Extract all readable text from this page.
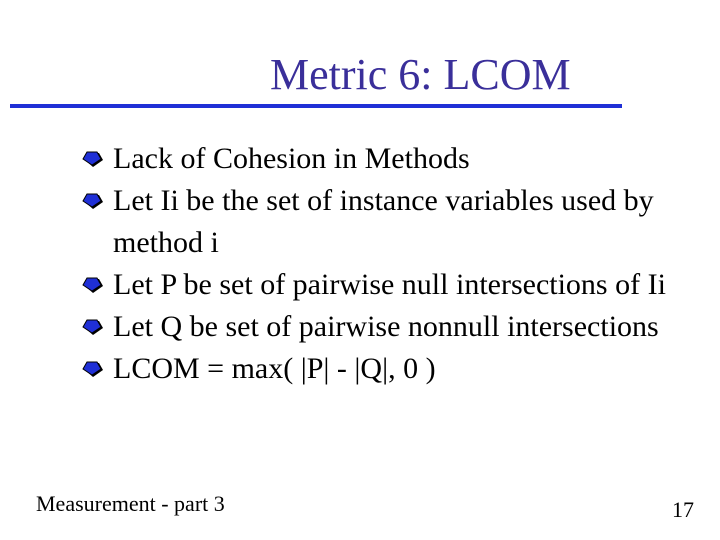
Metric 6: LCOM
Lack of Cohesion in Methods
Let Ii be the set of instance variables used by method i
Let P be set of pairwise null intersections of Ii
Let Q be set of pairwise nonnull intersections
LCOM = max( |P| - |Q|, 0 )
Measurement - part 3	17
